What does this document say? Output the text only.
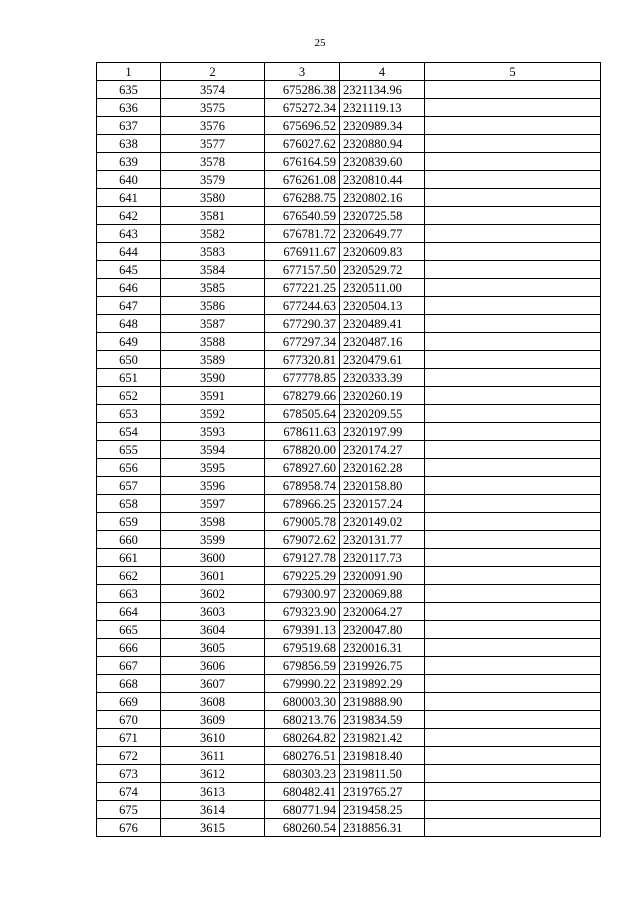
25
1	2	3	4	5
635	3574	675286.38	2321134.96	
636	3575	675272.34	2321119.13	
637	3576	675696.52	2320989.34	
638	3577	676027.62	2320880.94	
639	3578	676164.59	2320839.60	
640	3579	676261.08	2320810.44	
641	3580	676288.75	2320802.16	
642	3581	676540.59	2320725.58	
643	3582	676781.72	2320649.77	
644	3583	676911.67	2320609.83	
645	3584	677157.50	2320529.72	
646	3585	677221.25	2320511.00	
647	3586	677244.63	2320504.13	
648	3587	677290.37	2320489.41	
649	3588	677297.34	2320487.16	
650	3589	677320.81	2320479.61	
651	3590	677778.85	2320333.39	
652	3591	678279.66	2320260.19	
653	3592	678505.64	2320209.55	
654	3593	678611.63	2320197.99	
655	3594	678820.00	2320174.27	
656	3595	678927.60	2320162.28	
657	3596	678958.74	2320158.80	
658	3597	678966.25	2320157.24	
659	3598	679005.78	2320149.02	
660	3599	679072.62	2320131.77	
661	3600	679127.78	2320117.73	
662	3601	679225.29	2320091.90	
663	3602	679300.97	2320069.88	
664	3603	679323.90	2320064.27	
665	3604	679391.13	2320047.80	
666	3605	679519.68	2320016.31	
667	3606	679856.59	2319926.75	
668	3607	679990.22	2319892.29	
669	3608	680003.30	2319888.90	
670	3609	680213.76	2319834.59	
671	3610	680264.82	2319821.42	
672	3611	680276.51	2319818.40	
673	3612	680303.23	2319811.50	
674	3613	680482.41	2319765.27	
675	3614	680771.94	2319458.25	
676	3615	680260.54	2318856.31	
